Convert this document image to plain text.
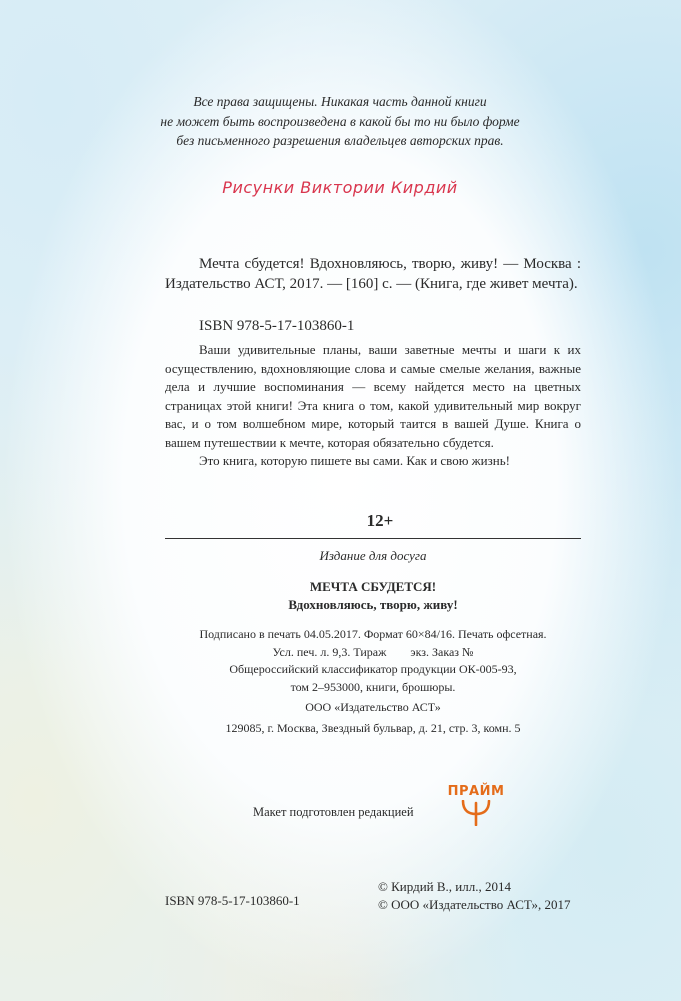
Все права защищены. Никакая часть данной книги
не может быть воспроизведена в какой бы то ни было форме
без письменного разрешения владельцев авторских прав.
Рисунки Виктории Кирдий
Мечта сбудется! Вдохновляюсь, творю, живу! — Москва : Издательство АСТ, 2017. — [160] с. — (Книга, где живет мечта).
ISBN 978-5-17-103860-1

Ваши удивительные планы, ваши заветные мечты и шаги к их осуществлению, вдохновляющие слова и самые смелые желания, важные дела и лучшие воспоминания — всему найдется место на цветных страницах этой книги! Эта книга о том, какой удивительный мир вокруг вас, и о том волшебном мире, который таится в вашей Душе. Книга о вашем путешествии к мечте, которая обязательно сбудется.

Это книга, которую пишете вы сами. Как и свою жизнь!

12+
Издание для досуга
МЕЧТА СБУДЕТСЯ!
Вдохновляюсь, творю, живу!
Подписано в печать 04.05.2017. Формат 60×84/16. Печать офсетная.
Усл. печ. л. 9,3. Тираж        экз. Заказ №
Общероссийский классификатор продукции ОК-005-93,
том 2–953000, книги, брошюры.
ООО «Издательство АСТ»
129085, г. Москва, Звездный бульвар, д. 21, стр. 3, комн. 5
Макет подготовлен редакцией
ПРАЙМ
ISBN 978-5-17-103860-1
© Кирдий В., илл., 2014
© ООО «Издательство АСТ», 2017
